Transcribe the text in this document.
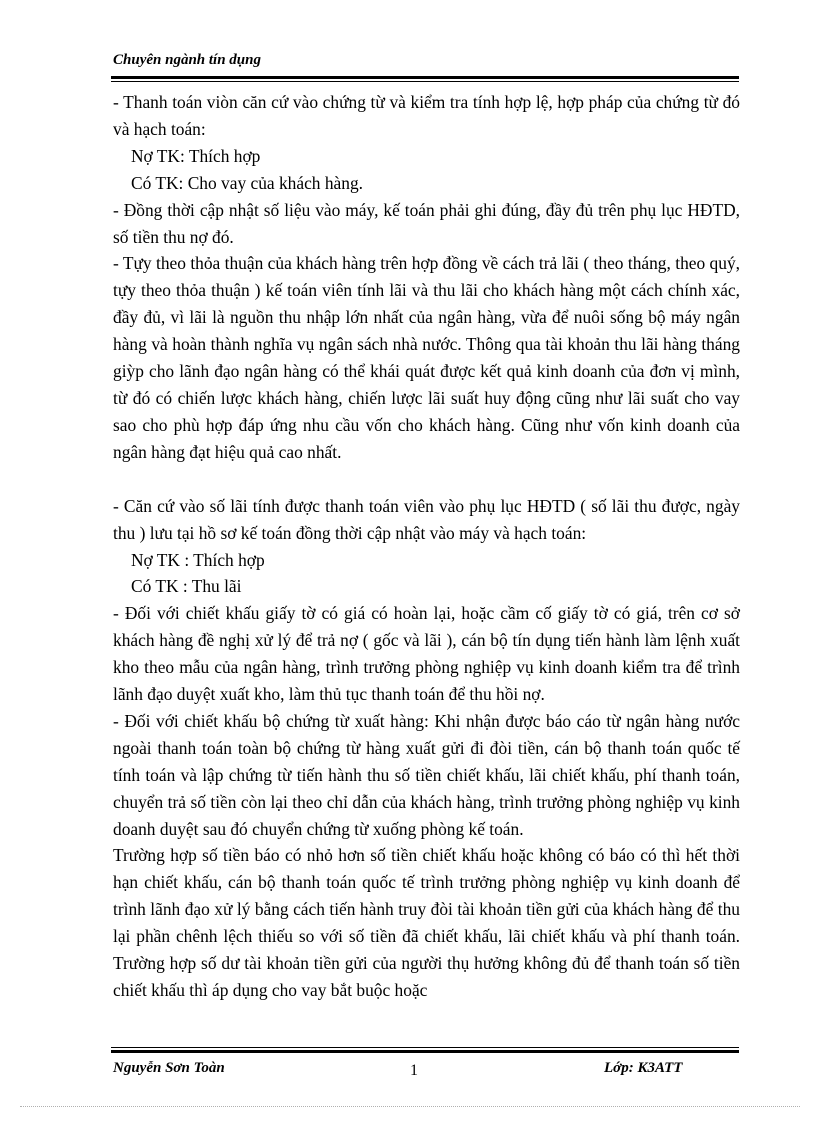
Chuyên ngành tín dụng

- Thanh toán viòn căn cứ vào chứng từ và kiểm tra tính hợp lệ, hợp pháp của chứng từ đó và hạch toán:

Nợ TK: Thích hợp

Có TK: Cho vay của khách hàng.

- Đồng thời cập nhật số liệu vào máy, kế toán phải ghi đúng, đầy đủ trên phụ lục HĐTD, số tiền thu nợ đó.

- Tựy theo thỏa thuận của khách hàng trên hợp đồng về cách trả lãi ( theo tháng, theo quý, tựy theo thỏa thuận ) kế toán viên tính lãi và thu lãi cho khách hàng một cách chính xác, đầy đủ, vì lãi là nguồn thu nhập lớn nhất của ngân hàng, vừa để nuôi sống bộ máy ngân hàng và hoàn thành nghĩa vụ ngân sách nhà nước. Thông qua tài khoản thu lãi hàng tháng giỳp cho lãnh đạo ngân hàng có thể khái quát được kết quả kinh doanh của đơn vị mình, từ đó có chiến lược khách hàng, chiến lược lãi suất huy động cũng như lãi suất cho vay sao cho phù hợp đáp ứng nhu cầu vốn cho khách hàng. Cũng như vốn kinh doanh của ngân hàng đạt hiệu quả cao nhất.

- Căn cứ vào số lãi tính được thanh toán viên vào phụ lục HĐTD ( số lãi thu được, ngày thu ) lưu tại hồ sơ kế toán đồng thời cập nhật vào máy và hạch toán:

Nợ TK : Thích hợp

Có TK : Thu lãi

- Đối với chiết khấu giấy tờ có giá có hoàn lại, hoặc cầm cố giấy tờ có giá, trên cơ sở khách hàng đề nghị xử lý để trả nợ ( gốc và lãi ), cán bộ tín dụng tiến hành làm lệnh xuất kho theo mẫu của ngân hàng, trình trưởng phòng nghiệp vụ kinh doanh kiểm tra để trình lãnh đạo duyệt xuất kho, làm thủ tục thanh toán để thu hồi nợ.

- Đối với chiết khấu bộ chứng từ xuất hàng: Khi nhận được báo cáo từ ngân hàng nước ngoài thanh toán toàn bộ chứng từ hàng xuất gửi đi đòi tiền, cán bộ thanh toán quốc tế tính toán và lập chứng từ tiến hành thu số tiền chiết khấu, lãi chiết khấu, phí thanh toán, chuyển trả số tiền còn lại theo chỉ dẫn của khách hàng, trình trưởng phòng nghiệp vụ kinh doanh duyệt sau đó chuyển chứng từ xuống phòng kế toán.

Trường hợp số tiền báo có nhỏ hơn số tiền chiết khấu hoặc không có báo có thì hết thời hạn chiết khấu, cán bộ thanh toán quốc tế trình trưởng phòng nghiệp vụ kinh doanh để trình lãnh đạo xử lý bằng cách tiến hành truy đòi tài khoản tiền gửi của khách hàng để thu lại phần chênh lệch thiếu so với số tiền đã chiết khấu, lãi chiết khấu và phí thanh toán. Trường hợp số dư tài khoản tiền gửi của người thụ hưởng không đủ để thanh toán số tiền chiết khấu thì áp dụng cho vay bắt buộc hoặc

Nguyễn Sơn Toàn	1	Lớp: K3ATT
